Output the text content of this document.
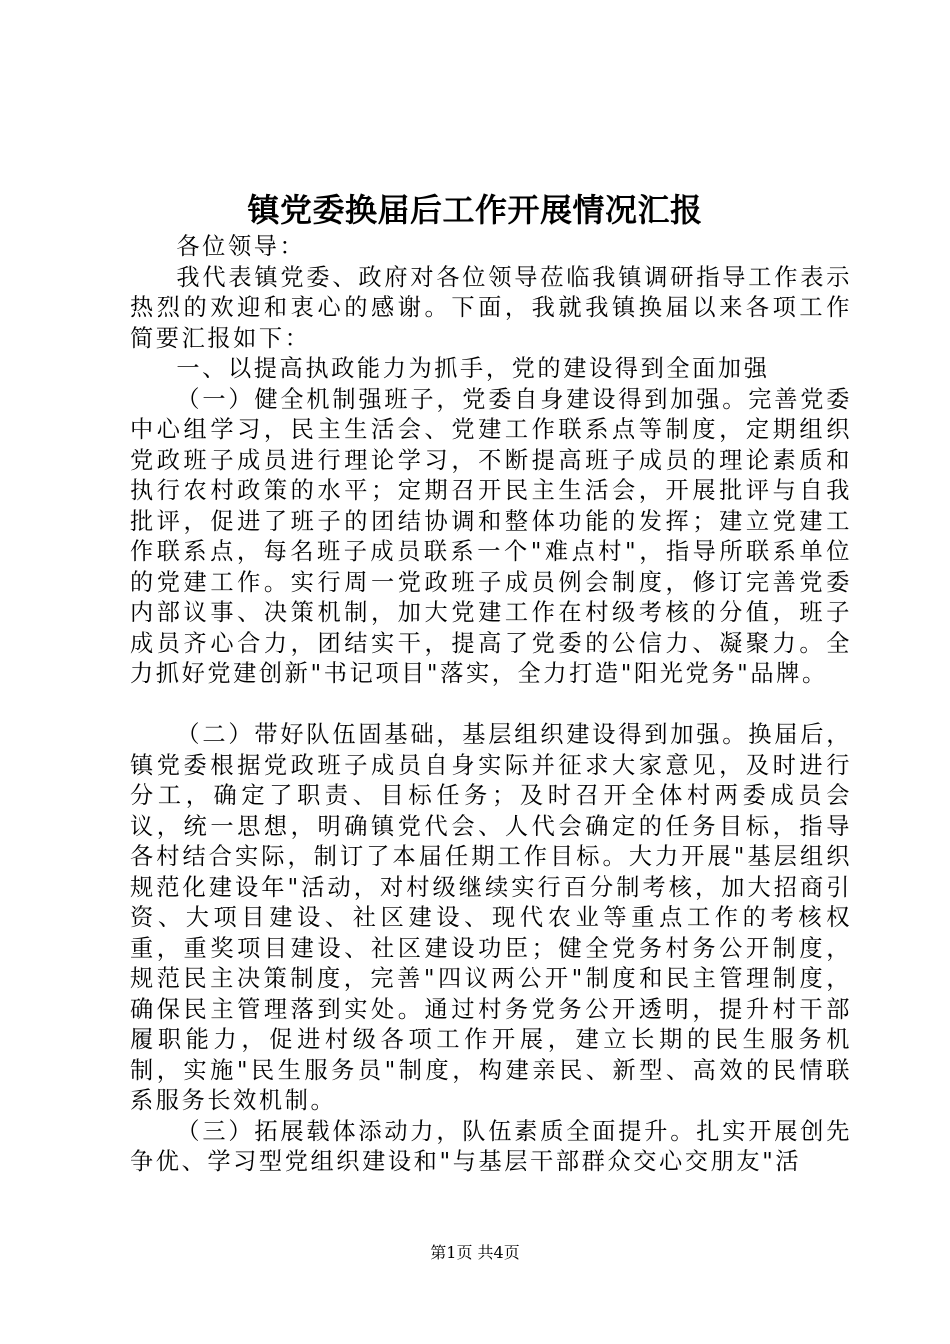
镇党委换届后工作开展情况汇报

各位领导：

我代表镇党委、政府对各位领导莅临我镇调研指导工作表示热烈的欢迎和衷心的感谢。下面，我就我镇换届以来各项工作简要汇报如下：

一、以提高执政能力为抓手，党的建设得到全面加强

（一）健全机制强班子，党委自身建设得到加强。完善党委中心组学习，民主生活会、党建工作联系点等制度，定期组织党政班子成员进行理论学习，不断提高班子成员的理论素质和执行农村政策的水平；定期召开民主生活会，开展批评与自我批评，促进了班子的团结协调和整体功能的发挥；建立党建工作联系点，每名班子成员联系一个"难点村"，指导所联系单位的党建工作。实行周一党政班子成员例会制度，修订完善党委内部议事、决策机制，加大党建工作在村级考核的分值，班子成员齐心合力，团结实干，提高了党委的公信力、凝聚力。全力抓好党建创新"书记项目"落实，全力打造"阳光党务"品牌。

（二）带好队伍固基础，基层组织建设得到加强。换届后，镇党委根据党政班子成员自身实际并征求大家意见，及时进行分工，确定了职责、目标任务；及时召开全体村两委成员会议，统一思想，明确镇党代会、人代会确定的任务目标，指导各村结合实际，制订了本届任期工作目标。大力开展"基层组织规范化建设年"活动，对村级继续实行百分制考核，加大招商引资、大项目建设、社区建设、现代农业等重点工作的考核权重，重奖项目建设、社区建设功臣；健全党务村务公开制度，规范民主决策制度，完善"四议两公开"制度和民主管理制度，确保民主管理落到实处。通过村务党务公开透明，提升村干部履职能力，促进村级各项工作开展，建立长期的民生服务机制，实施"民生服务员"制度，构建亲民、新型、高效的民情联系服务长效机制。

（三）拓展载体添动力，队伍素质全面提升。扎实开展创先争优、学习型党组织建设和"与基层干部群众交心交朋友"活

第1页 共4页
